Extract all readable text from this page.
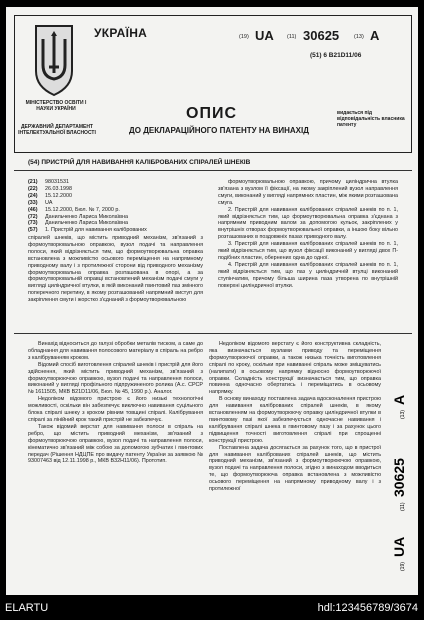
УКРАЇНА
МІНІСТЕРСТВО ОСВІТИ І НАУКИ УКРАЇНИ
ДЕРЖАВНИЙ ДЕПАРТАМЕНТ ІНТЕЛЕКТУАЛЬНОЇ ВЛАСНОСТІ
(19) UA (11) 30625	(13) A
(51) 6 B21D11/06
ОПИС
ДО ДЕКЛАРАЦІЙНОГО ПАТЕНТУ НА ВИНАХІД
видається під відповідальність власника патенту
(54) ПРИСТРІЙ ДЛЯ НАВИВАННЯ КАЛІБРОВАНИХ СПІРАЛЕЙ ШНЕКІВ
(21)	98031531
(22)	26.03.1998
(24)	15.12.2000
(33)	UA
(46)	15.12.2000, Бюл. № 7, 2000 р.
(72)	Данильченко Лариса Миколаївна
(73)	Данильченко Лариса Миколаївна
(57)	1. Пристрій для навивання каліброваних

спіралей шнеків, що містить приводний механізм, зв'язаний з формоутворювальною оправкою, вузол подачі та направлення полоси, який відрізняється тим, що формоутворювальна оправка встановлена з можливістю осьового переміщення на напрямному приводному валу і з протилежної сторони від приводного механізму формоутворювальна оправка розташована в опорі, а за формоутворювальній оправці встановлений механізм подачі смуги у вигляді циліндричної втулки, в якій виконаний гвинтовий паз змінного поперечного перетину, в якому розташований напрямний виступ для закріплення смуги і жорстко з'єднаний з формоутворювальною

формоутворювальною оправкою, причому циліндрична втулка зв'язана з вузлом її фіксації, на якому закріплений вузол направлення смуги, виконаний у вигляді напрямних пластин, між якими розташована смуга.

2. Пристрій для навивання каліброваних спіралей шнеків по п. 1, який відрізняється тим, що формоутворювальна оправка з'єднана з напрямним приводним валом за допомогою кульок, закріплених у внутрішніх отворах формоутворювальної оправки, а іншою боку вільно розташованих в поздовжніх пазах приводного валу.

3. Пристрій для навивання каліброваних спіралей шнеків по п. 1, який відрізняється тим, що вузол фіксації виконаний у вигляді двох П-подібних пластин, обернених одна до одної.

4. Пристрій для навивання каліброваних спіралей шнеків по п. 1, який відрізняється тим, що паз у циліндричній втулці виконаний ступінчатим, причому більша ширина паза утворена по внутрішній поверхні циліндричної втулки.

Винахід відноситься до галузі обробки металів тиском, а саме до обладнання для навивання полосового матеріалу в спіраль на ребро з калібруванням кроком.

Відомий спосіб виготовлення спіралей шнеків і пристрій для його здійснення, який містить приводний механізм, зв'язаний з формоутворюючою оправкою, вузол подачі та направлення полоси, виконаний у вигляді профільного підпружиненого ролика (А.с. СРСР № 1611505, МКВ В21D11/06, Бюл. № 45, 1990 р.). Аналог.

Недоліком відомого пристрою є його низькі технологічні можливості, оскільки він забезпечує виключно навивання суцільного блока спіралі шнеку з кроком рівним товщині спіралі. Калібрування спіралі за лінійний крок такий пристрій не забезпечує.

Також відомий верстат для навивання полоси в спіраль на ребро, що містить приводний механізм, зв'язаний з формоутворюючою оправкою, вузол подачі та направлення полоси, кінематично зв'язаний між собою за допомогою зубчатих і гвинтових передач (Рішення НДЦПЕ про видачу патенту України за заявкою № 93007463 від 12.11.1998 р., МКВ В32Н11/06). Прототип.

Недоліком відомого верстату є його конструктивна складність, яка визначається вузлами приводу та переміщення формоутворюючої оправки, а також низька точність виготовлення спіралі по кроку, оскільки при навиванні спіраль може зміщуватись (налипати) в осьовому напрямку відносно формоутворюючої оправки. Складність конструкції визначається тим, що оправка повинна одночасно обертатись і переміщатись в осьовому напрямку.

В основу винаходу поставлена задача вдосконалення пристрою для навивання каліброваних спіралей шнеків, в якому встановленням на формоутворюючу оправку циліндричної втулки в гвинтовому пазі якої забезпечується одночасне навивання і калібрування спіралі шнека в гвинтовому пазу і за рахунок цього підвищення точності виготовлення спіралі при спрощенні конструкції пристрою.

Поставлена задача досягається за рахунок того, що в пристрої для навивання каліброваних спіралей шнеків, що містить приводний механізм, зв'язаний з формоутворюючою оправкою, вузол подачі та направлення полоси, згідно з винаходом вводиться те, що формоутворююча оправка встановлена з можливістю осьового переміщення на напрямному приводному валу і з протилежної

(19)
UA
(11)
30625
(13)
A
ELARTU	hdl:123456789/3674
